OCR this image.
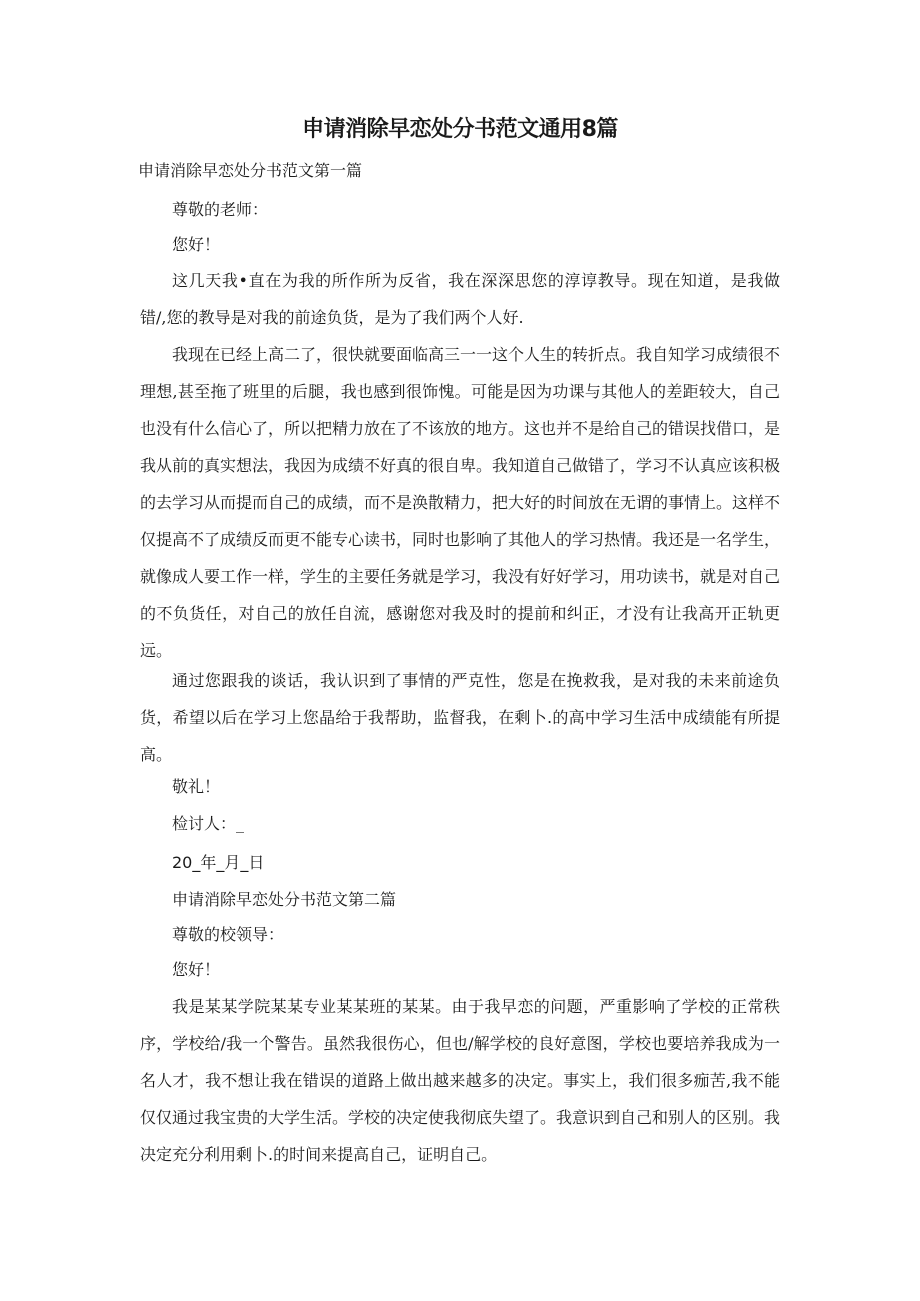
申请消除早恋处分书范文通用8篇

申请消除早恋处分书范文第一篇

尊敬的老师：

您好！

这几天我•直在为我的所作所为反省，我在深深思您的淳谆教导。现在知道，是我做错/,您的教导是对我的前途负货，是为了我们两个人好.

我现在已经上高二了，很快就要面临高三一一这个人生的转折点。我自知学习成绩很不理想,甚至拖了班里的后腿，我也感到很饰愧。可能是因为功课与其他人的差距较大，自己也没有什么信心了，所以把精力放在了不该放的地方。这也并不是给自己的错误找借口，是我从前的真实想法，我因为成绩不好真的很自卑。我知道自己做错了，学习不认真应该积极的去学习从而提而自己的成绩，而不是涣散精力，把大好的时间放在无谓的事情上。这样不仅提高不了成绩反而更不能专心读书，同时也影响了其他人的学习热情。我还是一名学生，就像成人要工作一样，学生的主要任务就是学习，我没有好好学习，用功读书，就是对自己的不负货任，对自己的放任自流，感谢您对我及时的提前和纠正，才没有让我高开正轨更远。

通过您跟我的谈话，我认识到了事情的严克性，您是在挽救我，是对我的未来前途负货，希望以后在学习上您晶给于我帮助，监督我，在剩卜.的高中学习生活中成绩能有所提高。

敬礼！

检讨人：_

20_年_月_日

申请消除早恋处分书范文第二篇

尊敬的校领导：

您好！

我是某某学院某某专业某某班的某某。由于我早恋的问题，严重影响了学校的正常秩序，学校给/我一个警告。虽然我很伤心，但也/解学校的良好意图，学校也要培养我成为一名人才，我不想让我在错误的道路上做出越来越多的决定。事实上，我们很多痂苦,我不能仅仅通过我宝贵的大学生活。学校的决定使我彻底失望了。我意识到自己和别人的区别。我决定充分利用剩卜.的时间来提高自己，证明自己。
